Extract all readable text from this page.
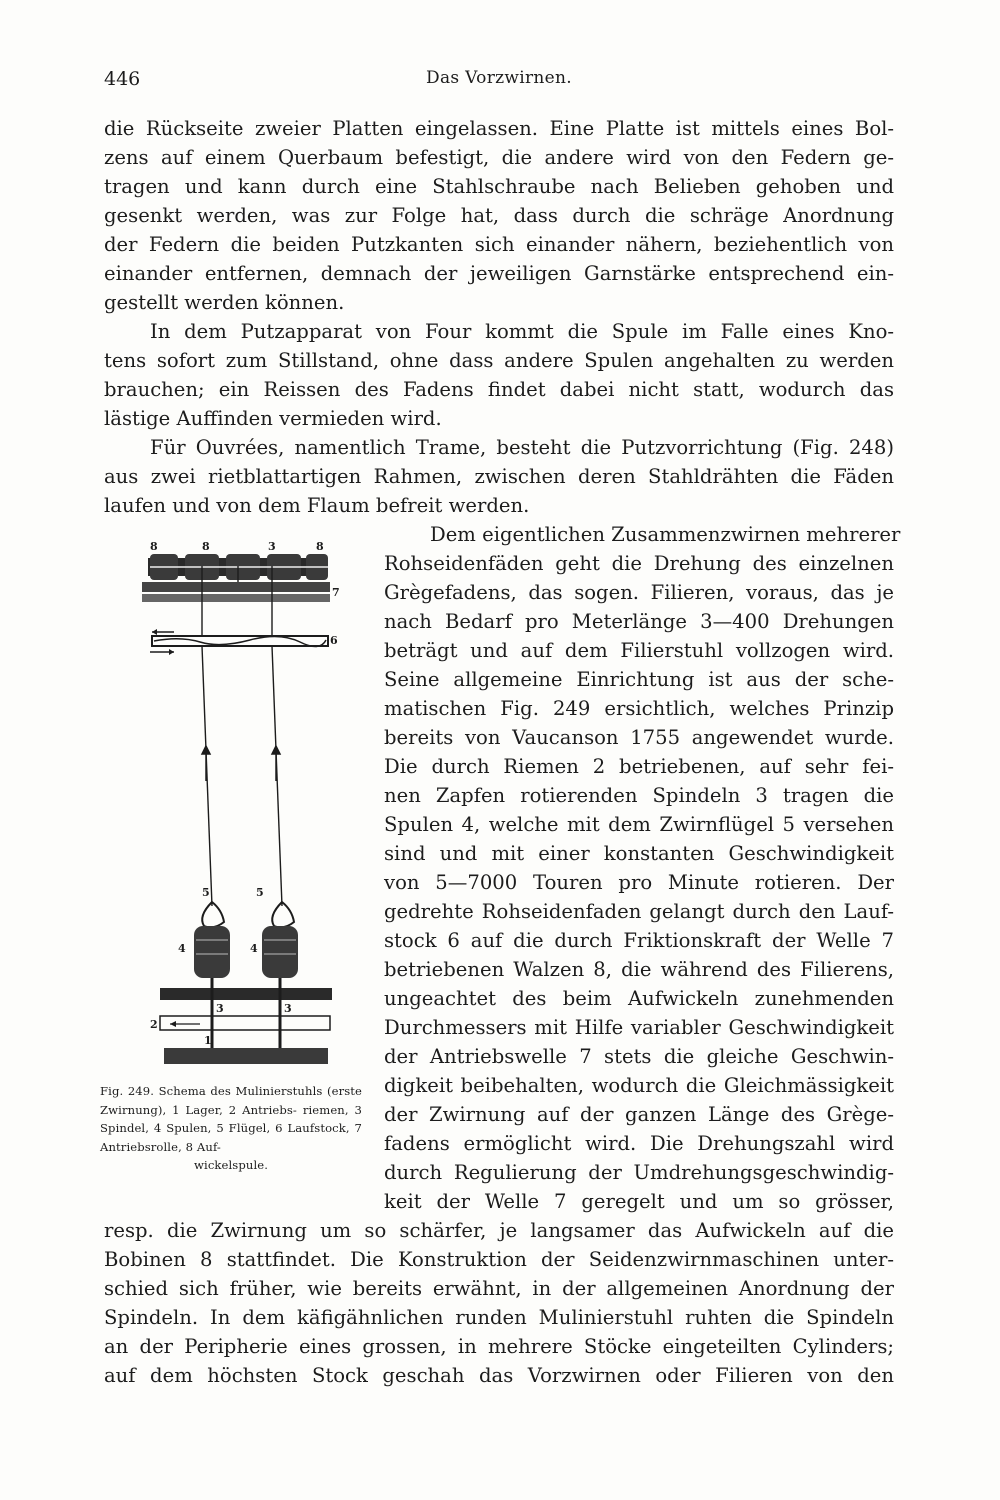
446	Das Vorzwirnen.
die Rückseite zweier Platten eingelassen. Eine Platte ist mittels eines Bol-
zens auf einem Querbaum befestigt, die andere wird von den Federn ge-
tragen und kann durch eine Stahlschraube nach Belieben gehoben und
gesenkt werden, was zur Folge hat, dass durch die schräge Anordnung
der Federn die beiden Putzkanten sich einander nähern, beziehentlich von
einander entfernen, demnach der jeweiligen Garnstärke entsprechend ein-
gestellt werden können.
In dem Putzapparat von Four kommt die Spule im Falle eines Kno-
tens sofort zum Stillstand, ohne dass andere Spulen angehalten zu werden
brauchen; ein Reissen des Fadens findet dabei nicht statt, wodurch das
lästige Auffinden vermieden wird.
Für Ouvrées, namentlich Trame, besteht die Putzvorrichtung (Fig. 248)
aus zwei rietblattartigen Rahmen, zwischen deren Stahldrähten die Fäden
laufen und von dem Flaum befreit werden.
Dem eigentlichen Zusammenzwirnen mehrerer
Rohseidenfäden geht die Drehung des einzelnen
Grègefadens, das sogen. Filieren, voraus, das je
nach Bedarf pro Meterlänge 3—400 Drehungen
beträgt und auf dem Filierstuhl vollzogen wird.
Seine allgemeine Einrichtung ist aus der sche-
matischen Fig. 249 ersichtlich, welches Prinzip
bereits von Vaucanson 1755 angewendet wurde.
Die durch Riemen 2 betriebenen, auf sehr fei-
nen Zapfen rotierenden Spindeln 3 tragen die
Spulen 4, welche mit dem Zwirnflügel 5 versehen
sind und mit einer konstanten Geschwindigkeit
von 5—7000 Touren pro Minute rotieren. Der
gedrehte Rohseidenfaden gelangt durch den Lauf-
stock 6 auf die durch Friktionskraft der Welle 7
betriebenen Walzen 8, die während des Filierens,
ungeachtet des beim Aufwickeln zunehmenden
Durchmessers mit Hilfe variabler Geschwindigkeit
der Antriebswelle 7 stets die gleiche Geschwin-
digkeit beibehalten, wodurch die Gleichmässigkeit
der Zwirnung auf der ganzen Länge des Grège-
fadens ermöglicht wird. Die Drehungszahl wird
durch Regulierung der Umdrehungsgeschwindig-
keit der Welle 7 geregelt und um so grösser,
resp. die Zwirnung um so schärfer, je langsamer das Aufwickeln auf die
Bobinen 8 stattfindet. Die Konstruktion der Seidenzwirnmaschinen unter-
schied sich früher, wie bereits erwähnt, in der allgemeinen Anordnung der
Spindeln. In dem käfigähnlichen runden Mulinierstuhl ruhten die Spindeln
an der Peripherie eines grossen, in mehrere Stöcke eingeteilten Cylinders;
auf dem höchsten Stock geschah das Vorzwirnen oder Filieren von den
8	8	3	8
7
6
5	5
4	4
3	3
2
1
Fig. 249. Schema des Mulinierstuhls (erste Zwirnung), 1 Lager, 2 Antriebs- riemen, 3 Spindel, 4 Spulen, 5 Flügel, 6 Laufstock, 7 Antriebsrolle, 8 Auf-
wickelspule.
